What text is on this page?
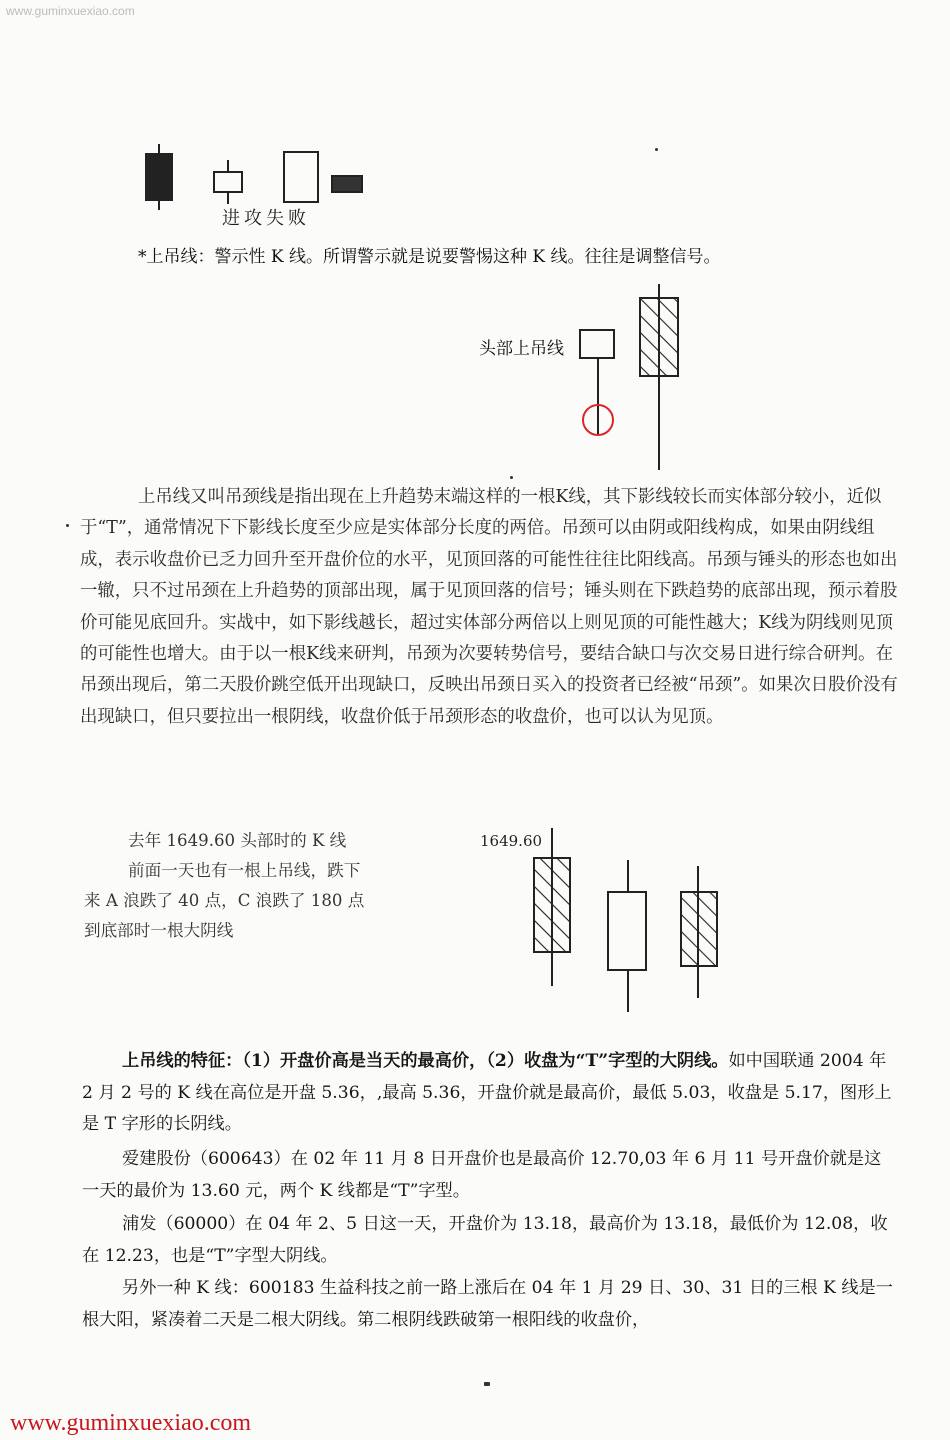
www.guminxuexiao.com
进攻失败
*上吊线：警示性 K 线。所谓警示就是说要警惕这种 K 线。往往是调整信号。
头部上吊线

上吊线又叫吊颈线是指出现在上升趋势末端这样的一根K线，其下影线较长而实体部分较小，近似于“T”，通常情况下下影线长度至少应是实体部分长度的两倍。吊颈可以由阴或阳线构成，如果由阴线组成，表示收盘价已乏力回升至开盘价位的水平，见顶回落的可能性往往比阳线高。吊颈与锤头的形态也如出一辙，只不过吊颈在上升趋势的顶部出现，属于见顶回落的信号；锤头则在下跌趋势的底部出现，预示着股价可能见底回升。实战中，如下影线越长，超过实体部分两倍以上则见顶的可能性越大；K线为阴线则见顶的可能性也增大。由于以一根K线来研判，吊颈为次要转势信号，要结合缺口与次交易日进行综合研判。在吊颈出现后，第二天股价跳空低开出现缺口，反映出吊颈日买入的投资者已经被“吊颈”。如果次日股价没有出现缺口，但只要拉出一根阴线，收盘价低于吊颈形态的收盘价，也可以认为见顶。

去年 1649.60 头部时的 K 线
前面一天也有一根上吊线，跌下
来 A 浪跌了 40 点，C 浪跌了 180 点
到底部时一根大阴线
1649.60

上吊线的特征：（1）开盘价高是当天的最高价，（2）收盘为“T”字型的大阴线。如中国联通 2004 年 2 月 2 号的 K 线在高位是开盘 5.36，,最高 5.36，开盘价就是最高价，最低 5.03，收盘是 5.17，图形上是 T 字形的长阴线。

爱建股份（600643）在 02 年 11 月 8 日开盘价也是最高价 12.70,03 年 6 月 11 号开盘价就是这一天的最价为 13.60 元，两个 K 线都是“T”字型。

浦发（60000）在 04 年 2、5 日这一天，开盘价为 13.18，最高价为 13.18，最低价为 12.08，收在 12.23，也是“T”字型大阴线。

另外一种 K 线：600183 生益科技之前一路上涨后在 04 年 1 月 29 日、30、31 日的三根 K 线是一根大阳，紧凑着二天是二根大阴线。第二根阴线跌破第一根阳线的收盘价，

www.guminxuexiao.com
